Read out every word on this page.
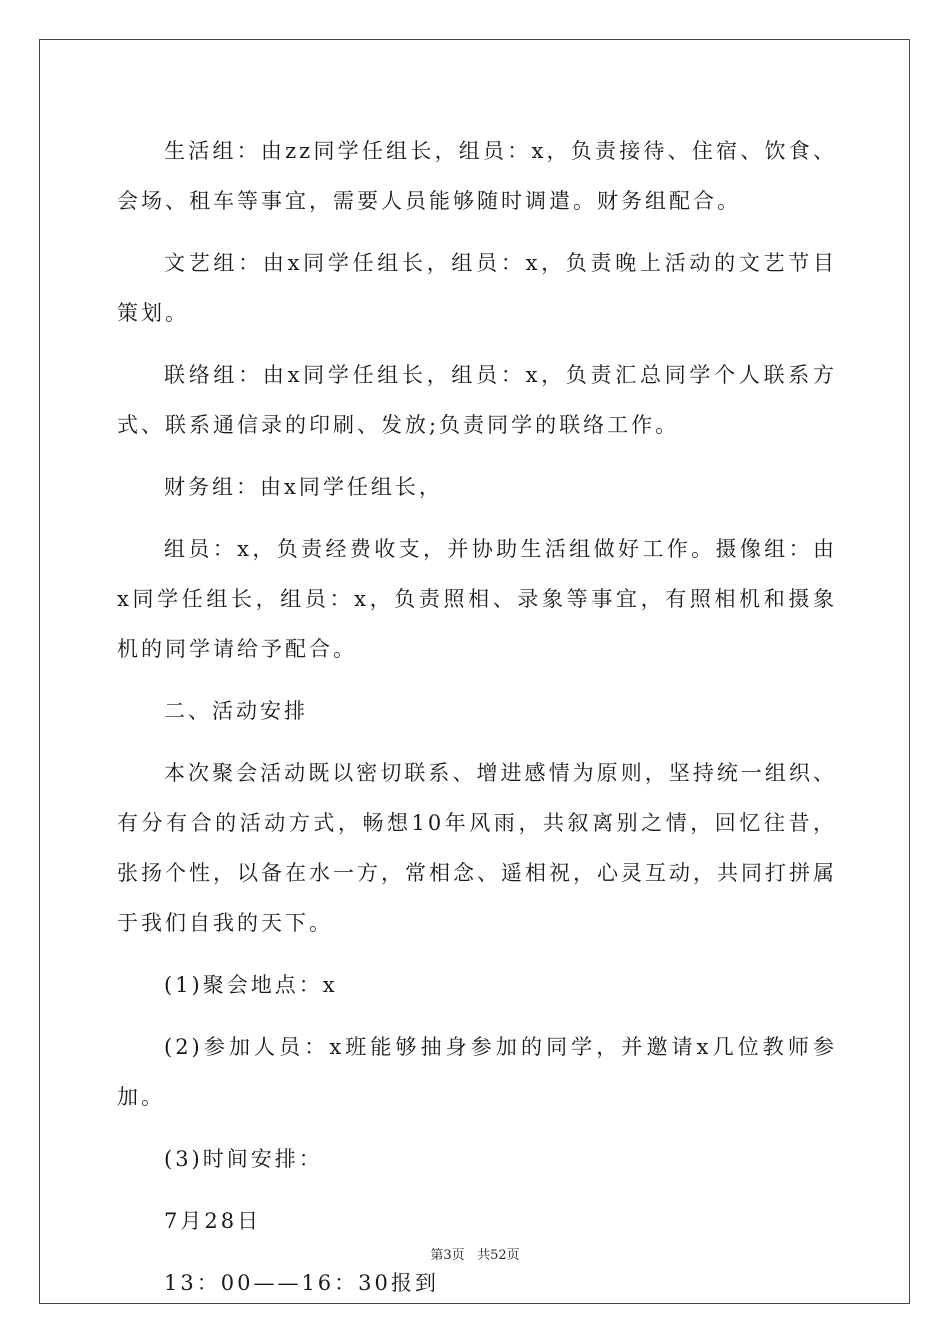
生活组：由zz同学任组长，组员：x，负责接待、住宿、饮食、会场、租车等事宜，需要人员能够随时调遣。财务组配合。

文艺组：由x同学任组长，组员：x，负责晚上活动的文艺节目策划。

联络组：由x同学任组长，组员：x，负责汇总同学个人联系方式、联系通信录的印刷、发放;负责同学的联络工作。

财务组：由x同学任组长，

组员：x，负责经费收支，并协助生活组做好工作。摄像组：由x同学任组长，组员：x，负责照相、录象等事宜，有照相机和摄象机的同学请给予配合。

二、活动安排

本次聚会活动既以密切联系、增进感情为原则，坚持统一组织、有分有合的活动方式，畅想10年风雨，共叙离别之情，回忆往昔，张扬个性，以备在水一方，常相念、遥相祝，心灵互动，共同打拼属于我们自我的天下。

(1)聚会地点：x

(2)参加人员：x班能够抽身参加的同学，并邀请x几位教师参加。

(3)时间安排：

7月28日

13：00——16：30报到

第3页 共52页
